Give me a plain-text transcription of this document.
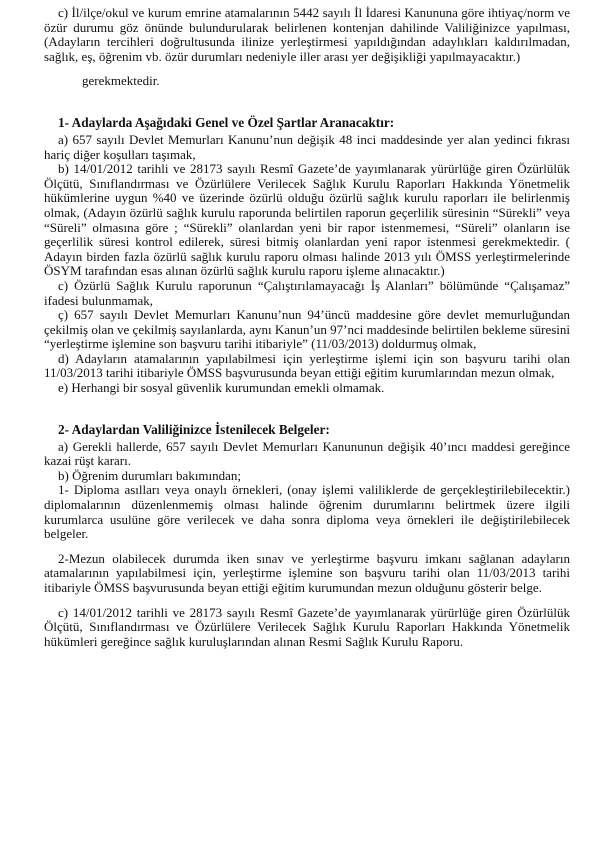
c) İl/ilçe/okul ve kurum emrine atamalarının 5442 sayılı İl İdaresi Kanununa göre ihtiyaç/norm ve özür durumu göz önünde bulundurularak belirlenen kontenjan dahilinde Valiliğinizce yapılması, (Adayların tercihleri doğrultusunda ilinize yerleştirmesi yapıldığından adaylıkları kaldırılmadan, sağlık, eş, öğrenim vb. özür durumları nedeniyle iller arası yer değişikliği yapılmayacaktır.)

gerekmektedir.

1- Adaylarda Aşağıdaki Genel ve Özel Şartlar Aranacaktır:

a) 657 sayılı Devlet Memurları Kanunu’nun değişik 48 inci maddesinde yer alan yedinci fıkrası hariç diğer koşulları taşımak,

b) 14/01/2012 tarihli ve 28173 sayılı Resmî Gazete’de yayımlanarak yürürlüğe giren Özürlülük Ölçütü, Sınıflandırması ve Özürlülere Verilecek Sağlık Kurulu Raporları Hakkında Yönetmelik hükümlerine uygun %40 ve üzerinde özürlü olduğu özürlü sağlık kurulu raporları ile belirlenmiş olmak, (Adayın özürlü sağlık kurulu raporunda belirtilen raporun geçerlilik süresinin “Sürekli” veya “Süreli” olmasına göre ; “Sürekli” olanlardan yeni bir rapor istenmemesi, “Süreli” olanların ise geçerlilik süresi kontrol edilerek, süresi bitmiş olanlardan yeni rapor istenmesi gerekmektedir. ( Adayın birden fazla özürlü sağlık kurulu raporu olması halinde 2013 yılı ÖMSS yerleştirmelerinde ÖSYM tarafından esas alınan özürlü sağlık kurulu raporu işleme alınacaktır.)

c) Özürlü Sağlık Kurulu raporunun “Çalıştırılamayacağı İş Alanları” bölümünde “Çalışamaz” ifadesi bulunmamak,

ç) 657 sayılı Devlet Memurları Kanunu’nun 94’üncü maddesine göre devlet memurluğundan çekilmiş olan ve çekilmiş sayılanlarda, aynı Kanun’un 97’nci maddesinde belirtilen bekleme süresini “yerleştirme işlemine son başvuru tarihi itibariyle” (11/03/2013) doldurmuş olmak,

d) Adayların atamalarının yapılabilmesi için yerleştirme işlemi için son başvuru tarihi olan 11/03/2013 tarihi itibariyle ÖMSS başvurusunda beyan ettiği eğitim kurumlarından mezun olmak,

e) Herhangi bir sosyal güvenlik kurumundan emekli olmamak.

2- Adaylardan Valiliğinizce İstenilecek Belgeler:

a) Gerekli hallerde, 657 sayılı Devlet Memurları Kanununun değişik 40’ıncı maddesi gereğince kazai rüşt kararı.

b) Öğrenim durumları bakımından;

1- Diploma asılları veya onaylı örnekleri, (onay işlemi valiliklerde de gerçekleştirilebilecektir.) diplomalarının düzenlenmemiş olması halinde öğrenim durumlarını belirtmek üzere ilgili kurumlarca usulüne göre verilecek ve daha sonra diploma veya örnekleri ile değiştirilebilecek belgeler.

2-Mezun olabilecek durumda iken sınav ve yerleştirme başvuru imkanı sağlanan adayların atamalarının yapılabilmesi için, yerleştirme işlemine son başvuru tarihi olan 11/03/2013 tarihi itibariyle ÖMSS başvurusunda beyan ettiği eğitim kurumundan mezun olduğunu gösterir belge.

c) 14/01/2012 tarihli ve 28173 sayılı Resmî Gazete’de yayımlanarak yürürlüğe giren Özürlülük Ölçütü, Sınıflandırması ve Özürlülere Verilecek Sağlık Kurulu Raporları Hakkında Yönetmelik hükümleri gereğince sağlık kuruluşlarından alınan Resmi Sağlık Kurulu Raporu.
